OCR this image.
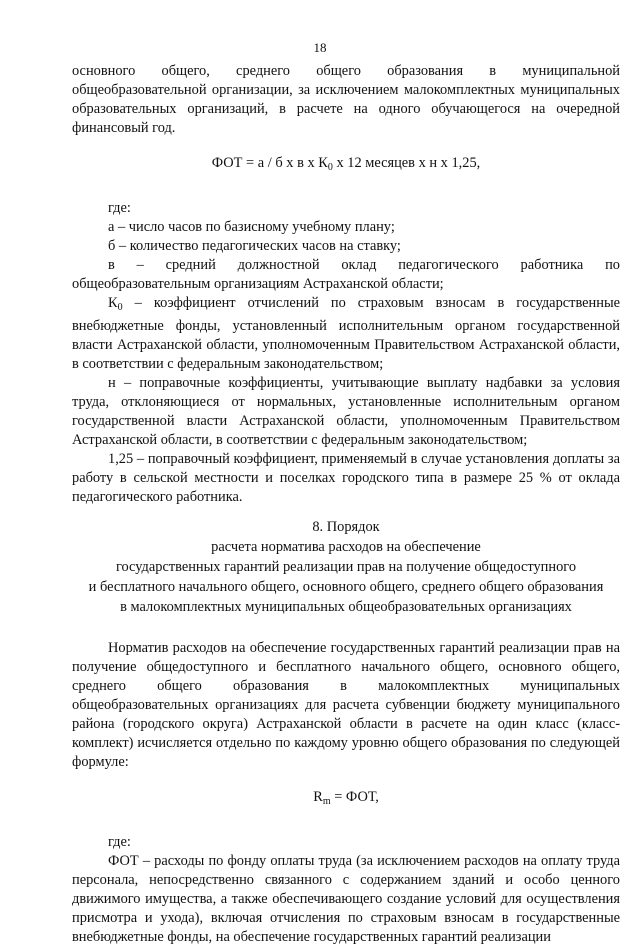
18

основного общего, среднего общего образования в муниципальной общеобразовательной организации, за исключением малокомплектных муниципальных образовательных организаций, в расчете на одного обучающегося на очередной финансовый год.

ФОТ = а / б х в х $К_0$ х 12 месяцев х н х 1,25,

где:

а – число часов по базисному учебному плану;

б – количество педагогических часов на ставку;

в – средний должностной оклад педагогического работника по общеобразовательным организациям Астраханской области;

$К_0$ – коэффициент отчислений по страховым взносам в государственные внебюджетные фонды, установленный исполнительным органом государственной власти Астраханской области, уполномоченным Правительством Астраханской области, в соответствии с федеральным законодательством;

н – поправочные коэффициенты, учитывающие выплату надбавки за условия труда, отклоняющиеся от нормальных, установленные исполнительным органом государственной власти Астраханской области, уполномоченным Правительством Астраханской области, в соответствии с федеральным законодательством;

1,25 – поправочный коэффициент, применяемый в случае установления доплаты за работу в сельской местности и поселках городского типа в размере 25 % от оклада педагогического работника.

8. Порядок
расчета норматива расходов на обеспечение
государственных гарантий реализации прав на получение общедоступного
и бесплатного начального общего, основного общего, среднего общего образования
в малокомплектных муниципальных общеобразовательных организациях

Норматив расходов на обеспечение государственных гарантий реализации прав на получение общедоступного и бесплатного начального общего, основного общего, среднего общего образования в малокомплектных муниципальных общеобразовательных организациях для расчета субвенции бюджету муниципального района (городского округа) Астраханской области в расчете на один класс (класс-комплект) исчисляется отдельно по каждому уровню общего образования по следующей формуле:

$R_m$ = ФОТ,

где:

ФОТ – расходы по фонду оплаты труда (за исключением расходов на оплату труда персонала, непосредственно связанного с содержанием зданий и особо ценного движимого имущества, а также обеспечивающего создание условий для осуществления присмотра и ухода), включая отчисления по страховым взносам в государственные внебюджетные фонды, на обеспечение государственных гарантий реализации
